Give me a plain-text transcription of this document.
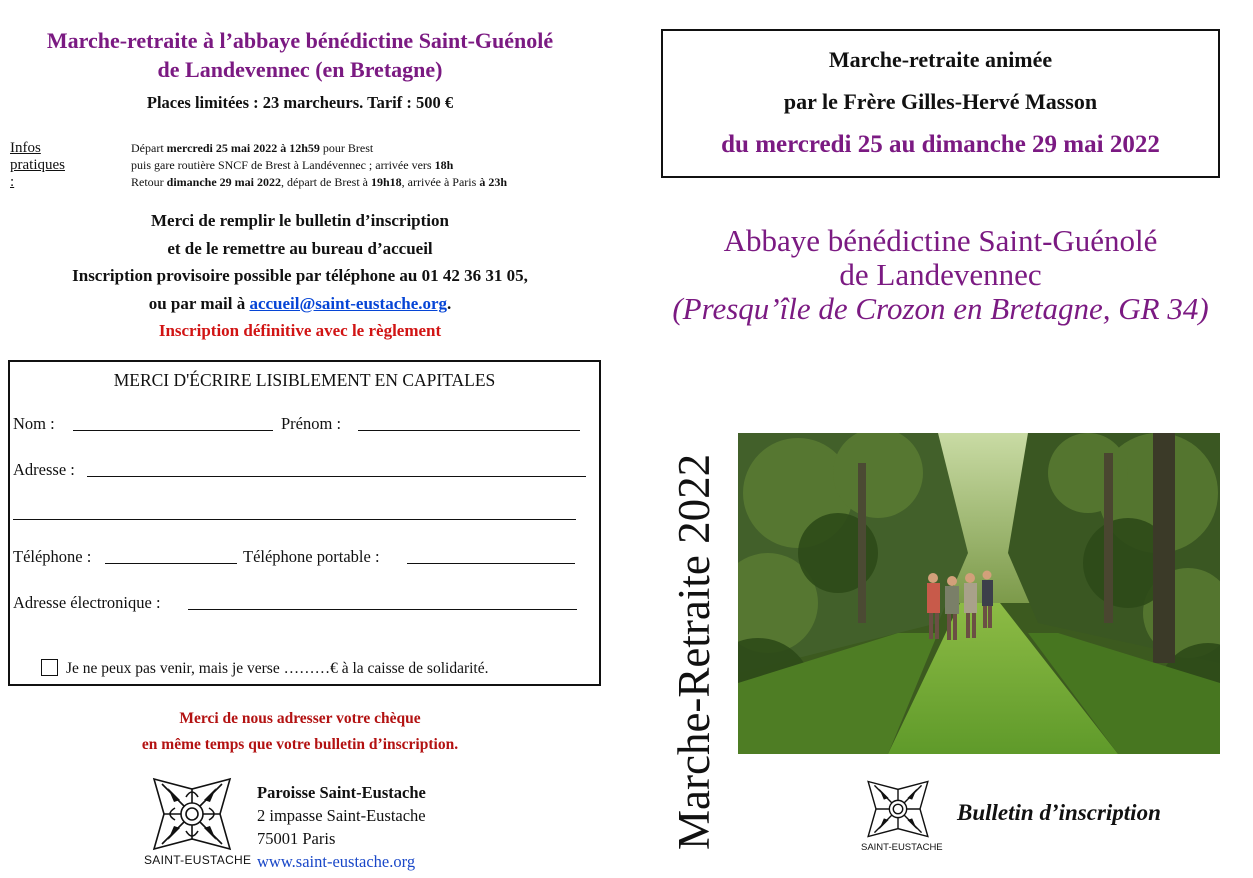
Marche-retraite à l’abbaye bénédictine Saint-Guénolé
de Landevennec (en Bretagne)
Places limitées : 23 marcheurs. Tarif : 500 €
Infos pratiques :
Départ mercredi 25 mai 2022 à 12h59 pour Brest
puis gare routière SNCF de Brest à Landévennec ; arrivée vers 18h
Retour dimanche 29 mai 2022, départ de Brest à 19h18, arrivée à Paris à 23h
Merci de remplir le bulletin d’inscription
et de le remettre au bureau d’accueil
Inscription provisoire possible par téléphone au 01 42 36 31 05,
ou par mail à accueil@saint-eustache.org.
Inscription définitive avec le règlement
MERCI D'ÉCRIRE LISIBLEMENT EN CAPITALES
Nom :	Prénom :
Adresse :
Téléphone :	Téléphone portable :
Adresse électronique :
Je ne peux pas venir, mais je verse ………€ à la caisse de solidarité.
Merci de nous adresser votre chèque
en même temps que votre bulletin d’inscription.
SAINT-EUSTACHE
Paroisse Saint-Eustache
2 impasse Saint-Eustache
75001 Paris
www.saint-eustache.org
Marche-retraite animée
par le Frère Gilles-Hervé Masson
du mercredi 25 au dimanche 29 mai 2022
Abbaye bénédictine Saint-Guénolé
de Landevennec
(Presqu’île de Crozon en Bretagne, GR 34)
Marche-Retraite 2022	SAINT-EUSTACHE
Bulletin d’inscription
